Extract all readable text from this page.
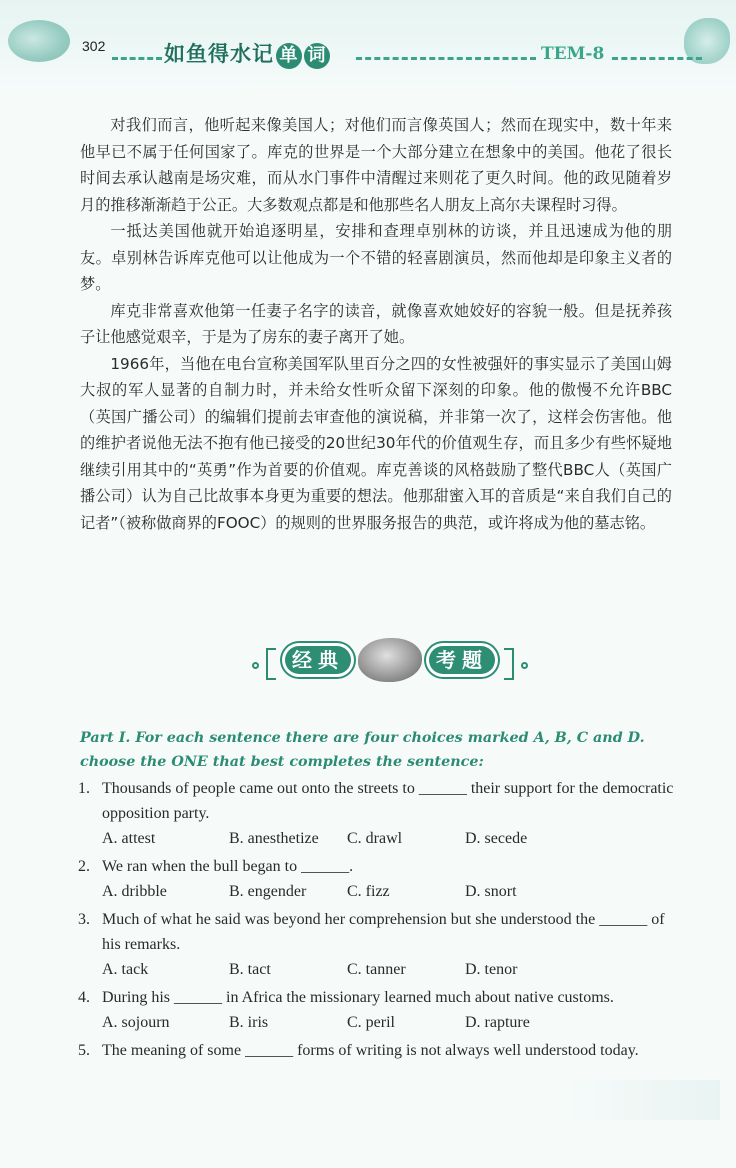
302	如鱼得水记 单 词	TEM-8

对我们而言，他听起来像美国人；对他们而言像英国人；然而在现实中，数十年来他早已不属于任何国家了。库克的世界是一个大部分建立在想象中的美国。他花了很长时间去承认越南是场灾难，而从水门事件中清醒过来则花了更久时间。他的政见随着岁月的推移渐渐趋于公正。大多数观点都是和他那些名人朋友上高尔夫课程时习得。

一抵达美国他就开始追逐明星，安排和查理卓别林的访谈，并且迅速成为他的朋友。卓别林告诉库克他可以让他成为一个不错的轻喜剧演员，然而他却是印象主义者的梦。

库克非常喜欢他第一任妻子名字的读音，就像喜欢她姣好的容貌一般。但是抚养孩子让他感觉艰辛，于是为了房东的妻子离开了她。

1966年，当他在电台宣称美国军队里百分之四的女性被强奸的事实显示了美国山姆大叔的军人显著的自制力时，并未给女性听众留下深刻的印象。他的傲慢不允许BBC（英国广播公司）的编辑们提前去审查他的演说稿，并非第一次了，这样会伤害他。他的维护者说他无法不抱有他已接受的20世纪30年代的价值观生存，而且多少有些怀疑地继续引用其中的“英勇”作为首要的价值观。库克善谈的风格鼓励了整代BBC人（英国广播公司）认为自己比故事本身更为重要的想法。他那甜蜜入耳的音质是“来自我们自己的记者”（被称做商界的FOOC）的规则的世界服务报告的典范，或许将成为他的墓志铭。

经典	考题
Part I. For each sentence there are four choices marked A, B, C and D. choose the ONE that best completes the sentence:
1. Thousands of people came out onto the streets to ______ their support for the democratic opposition party.
A. attest	B. anesthetize	C. drawl	D. secede
2. We ran when the bull began to ______.
A. dribble	B. engender	C. fizz	D. snort
3. Much of what he said was beyond her comprehension but she understood the ______ of his remarks.
A. tack	B. tact	C. tanner	D. tenor
4. During his ______ in Africa the missionary learned much about native customs.
A. sojourn	B. iris	C. peril	D. rapture
5. The meaning of some ______ forms of writing is not always well understood today.
